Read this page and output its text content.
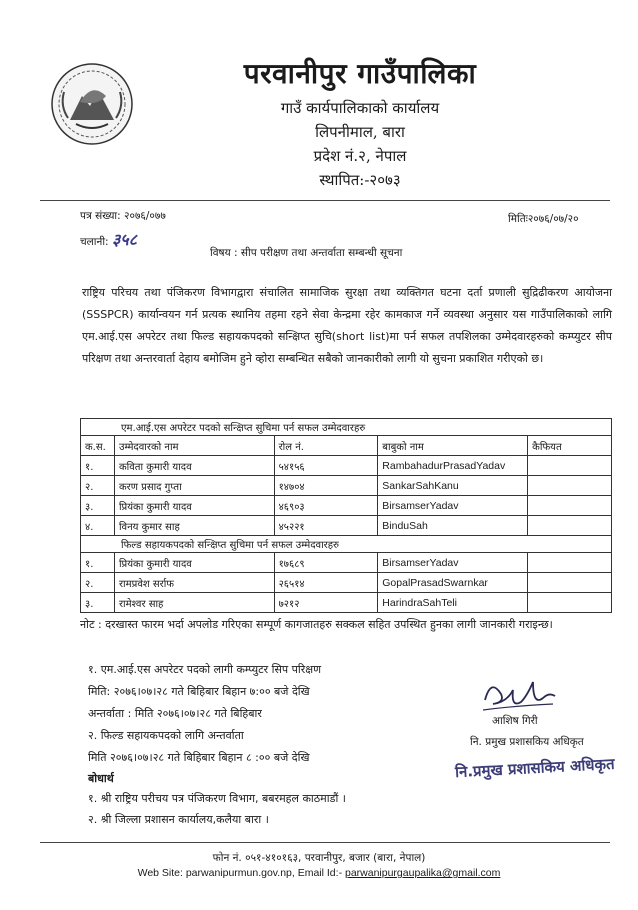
परवानीपुर गाउँपालिका
गाउँ कार्यपालिकाको कार्यालय
लिपनीमाल, बारा
प्रदेश नं.२, नेपाल
स्थापित:-२०७३
पत्र संख्या: २०७६/०७७
चलानी: ३५८
मितिः२०७६/०७/२०
विषय : सीप परीक्षण तथा अन्तर्वाता सम्बन्धी सूचना
राष्ट्रिय परिचय तथा पंजिकरण विभागद्वारा संचालित सामाजिक सुरक्षा तथा व्यक्तिगत घटना दर्ता प्रणाली सुद्रिढीकरण आयोजना (SSSPCR) कार्यान्वयन गर्न प्रत्यक स्थानिय तहमा रहने सेवा केन्द्रमा रहेर कामकाज गर्ने व्यवस्था अनुसार यस गाउँपालिकाको लागि एम.आई.एस अपरेटर तथा फिल्ड सहायकपदको सन्क्षिप्त सुचि(short list)मा पर्न सफल तपशिलका उम्मेदवारहरुको कम्प्युटर सीप परिक्षण तथा अन्तरवार्ता देहाय बमोजिम हुने व्होरा सम्बन्धित सबैको जानकारीको लागी यो सुचना प्रकाशित गरीएको छ।
एम.आई.एस अपरेटर पदको सन्क्षिप्त सुचिमा पर्न सफल उम्मेदवारहरु				
क.स.	उम्मेदवारको नाम	रोल नं.	बाबुको नाम	कैफियत
१.	कविता कुमारी यादव	५४१५६	RambahadurPrasadYadav	
२.	करण प्रसाद गुप्ता	१४७०४	SankarSahKanu	
३.	प्रियंका कुमारी यादव	४६९०३	BirsamserYadav	
४.	विनय कुमार साह	४५२२१	BinduSah	
फिल्ड सहायकपदको सन्क्षिप्त सुचिमा पर्न सफल उम्मेदवारहरु				
१.	प्रियंका कुमारी यादव	१७६८९	BirsamserYadav	
२.	रामप्रवेश सर्राफ	२६५१४	GopalPrasadSwarnkar	
३.	रामेश्वर साह	७२१२	HarindraSahTeli	
नोट : दरखास्त फारम भर्दा अपलोड गरिएका सम्पूर्ण कागजातहरु सक्कल सहित उपस्थित हुनका लागी जानकारी गराइन्छ।
१. एम.आई.एस अपरेटर पदको लागी कम्प्युटर सिप परिक्षण
मिति: २०७६।०७।२८ गते बिहिबार बिहान ७:०० बजे देखि
अन्तर्वाता : मिति २०७६।०७।२८ गते बिहिबार
२. फिल्ड सहायकपदको लागि अन्तर्वाता
मिति २०७६।०७।२८ गते बिहिबार बिहान ८ :०० बजे देखि
बोधार्थ
१. श्री राष्ट्रिय परीचय पत्र पंजिकरण विभाग, बबरमहल काठमाडौं ।
२. श्री जिल्ला प्रशासन कार्यालय,कलैया बारा ।
आशिष गिरी
नि. प्रमुख प्रशासकिय अधिकृत
नि.प्रमुख प्रशासकिय अधिकृत
फोन नं. ०५१-४१०१६३, परवानीपुर, बजार (बारा, नेपाल)
Web Site: parwanipurmun.gov.np, Email Id:- parwanipurgaupalika@gmail.com
